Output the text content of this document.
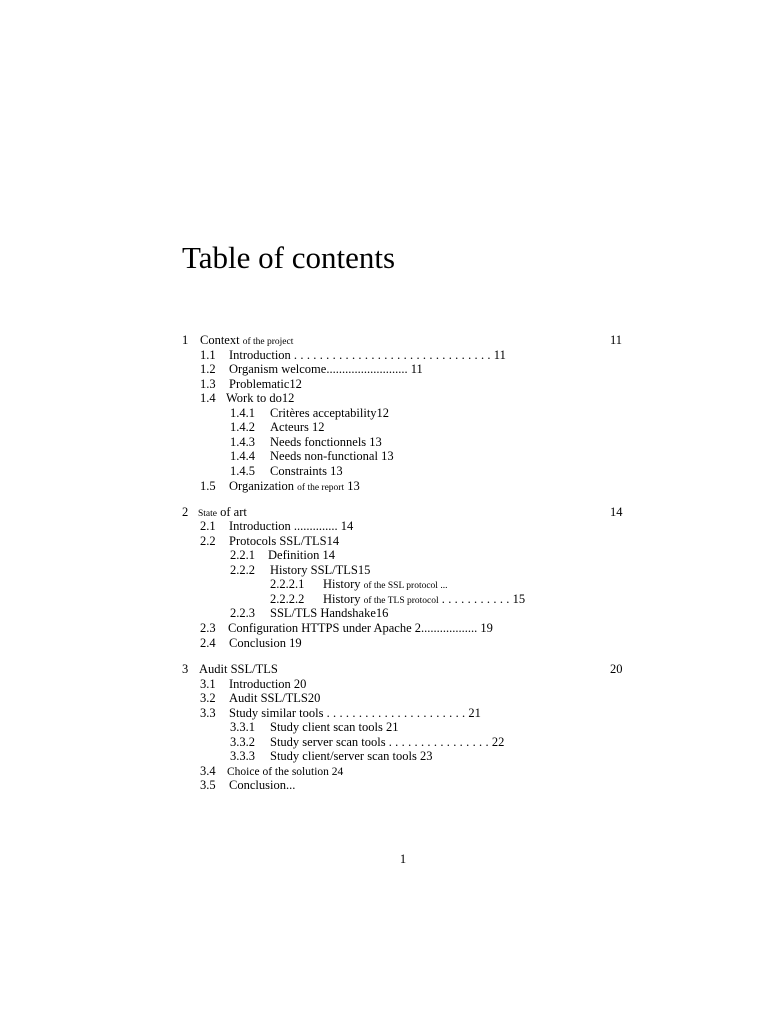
Table of contents
1 Context of the project	11
1.1 Introduction . . . . . . . . . . . . . . . . . . . . . . . . . . . . . . . 11
1.2 Organism welcome.......................... 11
1.3 Problematic12
1.4 Work to do12
1.4.1 Critères acceptability12
1.4.2 Acteurs 12
1.4.3 Needs fonctionnels 13
1.4.4 Needs non-functional 13
1.4.5 Constraints 13
1.5 Organization of the report 13
2 State of art	14
2.1 Introduction .............. 14
2.2 Protocols SSL/TLS14
2.2.1 Definition 14
2.2.2 History SSL/TLS15
2.2.2.1 History of the SSL protocol ...
2.2.2.2 History of the TLS protocol . . . . . . . . . . . 15
2.2.3 SSL/TLS Handshake16
2.3 Configuration HTTPS under Apache 2.................. 19
2.4 Conclusion 19
3 Audit SSL/TLS	20
3.1 Introduction 20
3.2 Audit SSL/TLS20
3.3 Study similar tools . . . . . . . . . . . . . . . . . . . . . . 21
3.3.1 Study client scan tools 21
3.3.2 Study server scan tools . . . . . . . . . . . . . . . . 22
3.3.3 Study client/server scan tools 23
3.4 Choice of the solution 24
3.5 Conclusion...
1
